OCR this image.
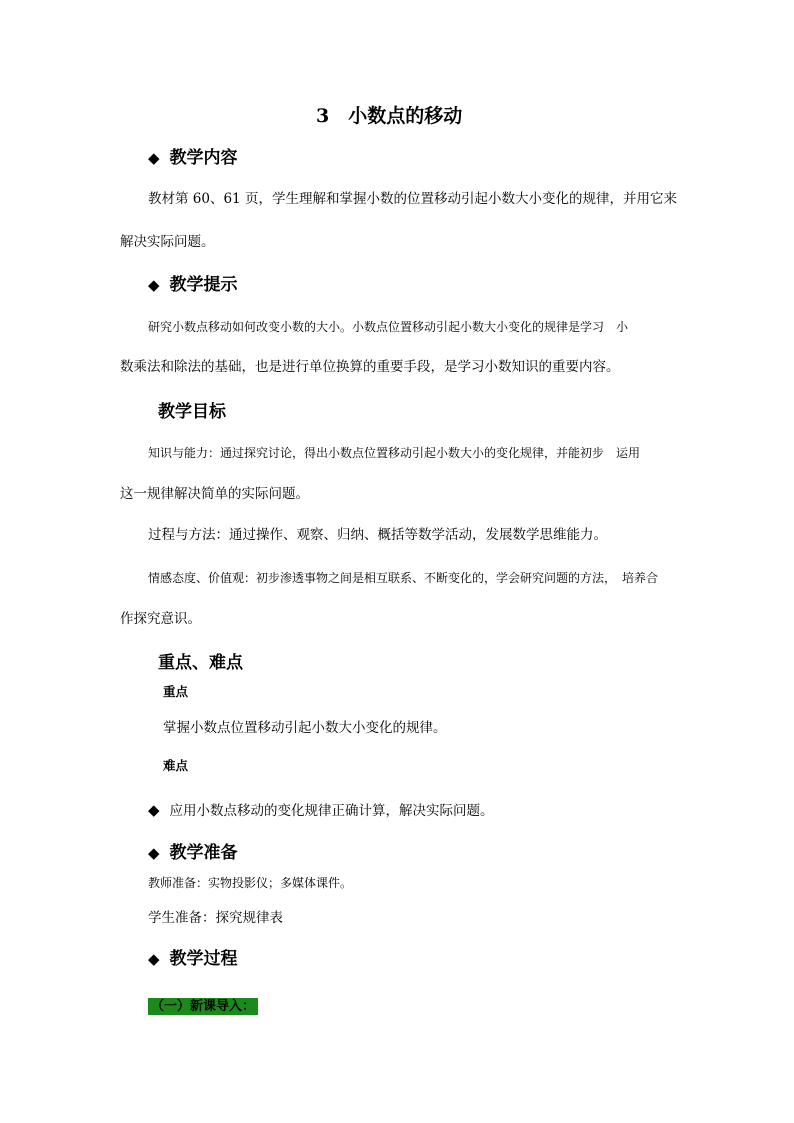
3　小数点的移动
◆ 教学内容
教材第 60、61 页，学生理解和掌握小数的位置移动引起小数大小变化的规律，并用它来
解决实际问题。
◆ 教学提示
研究小数点移动如何改变小数的大小。小数点位置移动引起小数大小变化的规律是学习　小
数乘法和除法的基础，也是进行单位换算的重要手段，是学习小数知识的重要内容。
教学目标
知识与能力：通过探究讨论，得出小数点位置移动引起小数大小的变化规律，并能初步　运用
这一规律解决简单的实际问题。
过程与方法：通过操作、观察、归纳、概括等数学活动，发展数学思维能力。
情感态度、价值观：初步渗透事物之间是相互联系、不断变化的，学会研究问题的方法，　培养合
作探究意识。
重点、难点
重点
掌握小数点位置移动引起小数大小变化的规律。
难点
◆ 应用小数点移动的变化规律正确计算，解决实际问题。
◆ 教学准备
教师准备：实物投影仪；多媒体课件。
学生准备：探究规律表
◆ 教学过程
（一）新课导入：
